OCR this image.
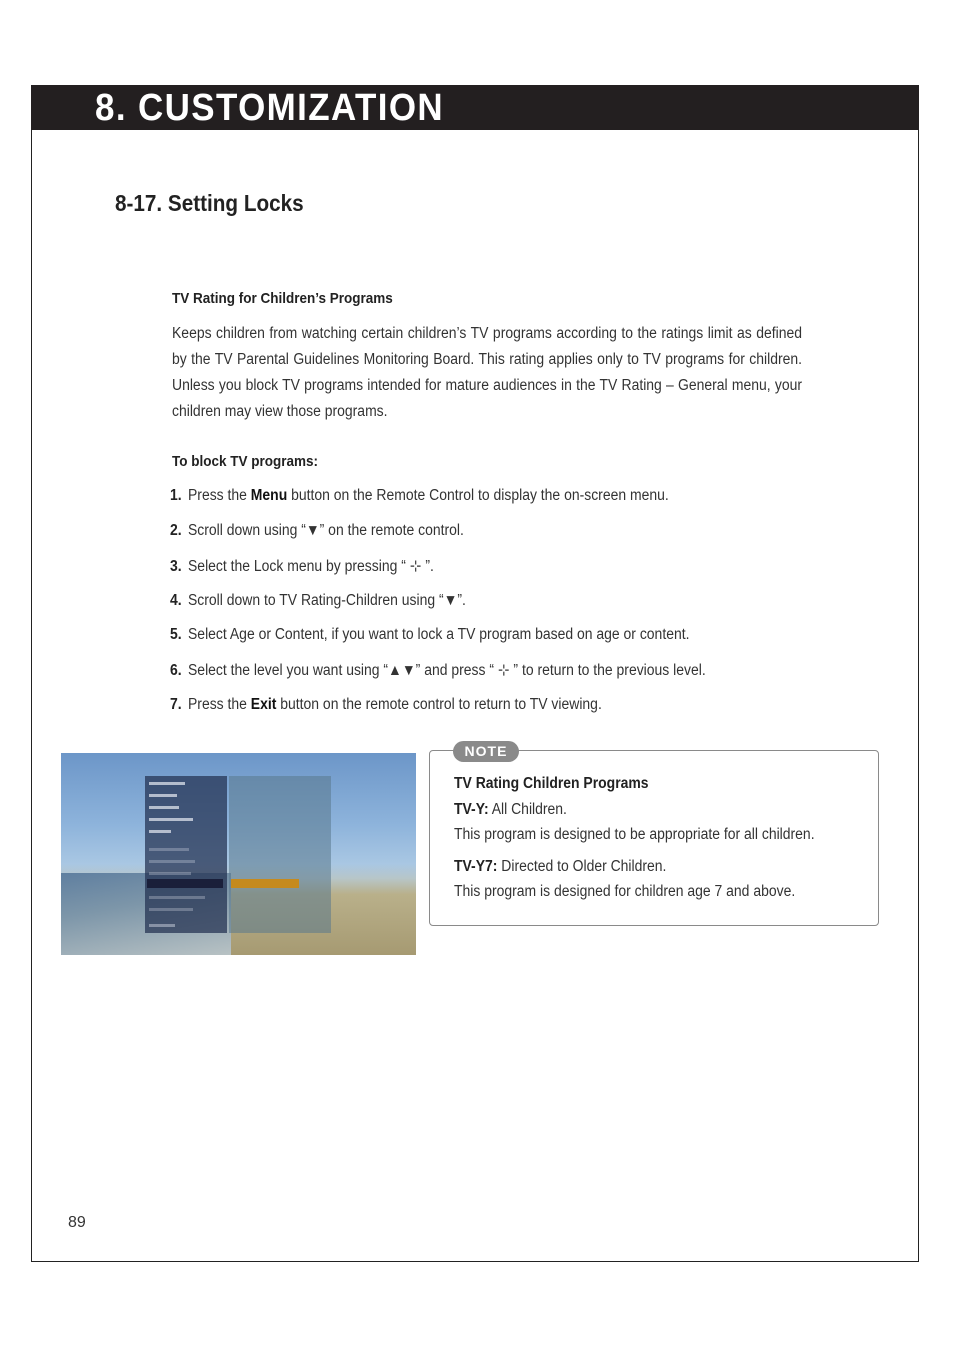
8. CUSTOMIZATION
8-17. Setting Locks
TV Rating for Children’s Programs
Keeps children from watching certain children’s TV programs according to the ratings limit as defined by the TV Parental Guidelines Monitoring Board. This rating applies only to TV programs for children. Unless you block TV programs intended for mature audiences in the TV Rating – General menu, your children may view those programs.
To block TV programs:
1. Press the Menu button on the Remote Control to display the on-screen menu.
2. Scroll down using “▼” on the remote control.
3. Select the Lock menu by pressing “ ⊹ ”.
4. Scroll down to TV Rating-Children using “▼”.
5. Select Age or Content, if you want to lock a TV program based on age or content.
6. Select the level you want using “▲▼” and press “ ⊹ ” to return to the previous level.
7. Press the Exit button on the remote control to return to TV viewing.
NOTE
TV Rating Children Programs
TV-Y: All Children.
This program is designed to be appropriate for all children.
TV-Y7: Directed to Older Children.
This program is designed for children age 7 and above.
89
